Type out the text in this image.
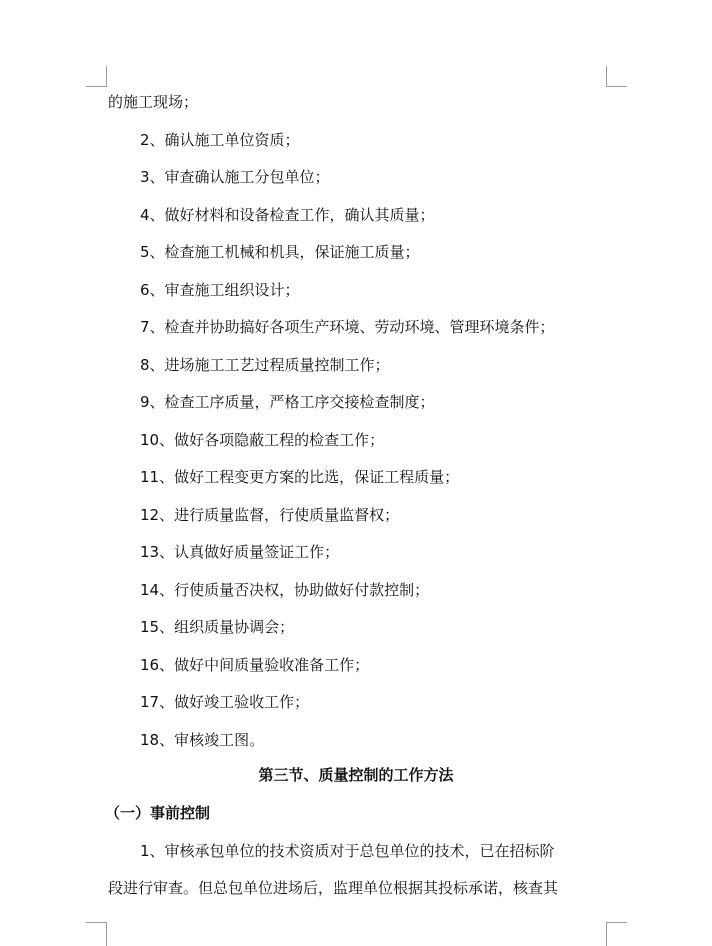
的施工现场；
2、确认施工单位资质；
3、审查确认施工分包单位；
4、做好材料和设备检查工作，确认其质量；
5、检查施工机械和机具，保证施工质量；
6、审查施工组织设计；
7、检查并协助搞好各项生产环境、劳动环境、管理环境条件；
8、进场施工工艺过程质量控制工作；
9、检查工序质量，严格工序交接检查制度；
10、做好各项隐蔽工程的检查工作；
11、做好工程变更方案的比选，保证工程质量；
12、进行质量监督，行使质量监督权；
13、认真做好质量签证工作；
14、行使质量否决权，协助做好付款控制；
15、组织质量协调会；
16、做好中间质量验收准备工作；
17、做好竣工验收工作；
18、审核竣工图。
第三节、质量控制的工作方法
（一）事前控制
1、审核承包单位的技术资质对于总包单位的技术，已在招标阶
段进行审查。但总包单位进场后，监理单位根据其投标承诺，核查其
